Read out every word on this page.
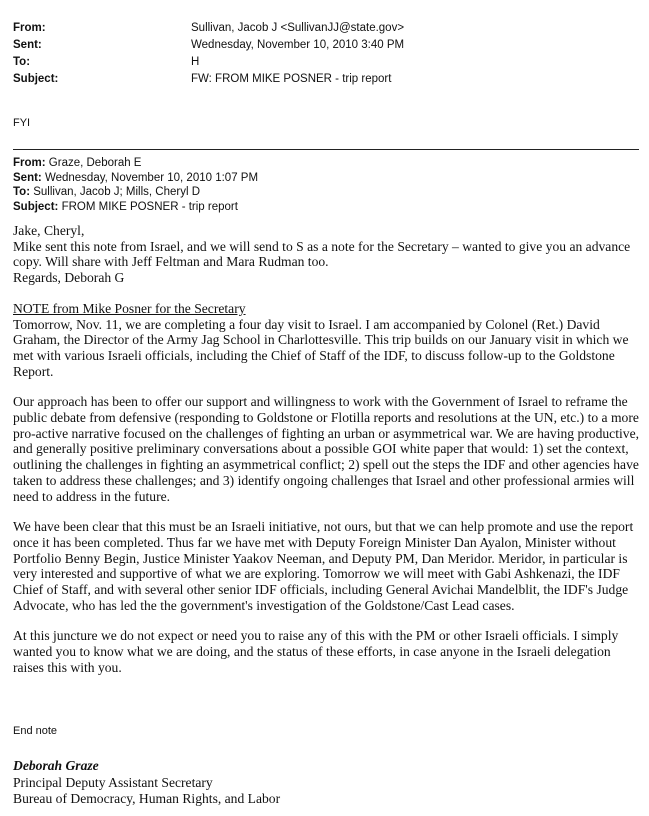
From:	Sullivan, Jacob J <SullivanJJ@state.gov>
Sent:	Wednesday, November 10, 2010 3:40 PM
To:	H
Subject:	FW: FROM MIKE POSNER - trip report
FYI
From: Graze, Deborah E
Sent: Wednesday, November 10, 2010 1:07 PM
To: Sullivan, Jacob J; Mills, Cheryl D
Subject: FROM MIKE POSNER - trip report

Jake, Cheryl,

Mike sent this note from Israel, and we will send to S as a note for the Secretary – wanted to give you an advance copy. Will share with Jeff Feltman and Mara Rudman too.

Regards, Deborah G

NOTE from Mike Posner for the Secretary

Tomorrow, Nov. 11, we are completing a four day visit to Israel. I am accompanied by Colonel (Ret.) David Graham, the Director of the Army Jag School in Charlottesville. This trip builds on our January visit in which we met with various Israeli officials, including the Chief of Staff of the IDF, to discuss follow-up to the Goldstone Report.

Our approach has been to offer our support and willingness to work with the Government of Israel to reframe the public debate from defensive (responding to Goldstone or Flotilla reports and resolutions at the UN, etc.) to a more pro-active narrative focused on the challenges of fighting an urban or asymmetrical war. We are having productive, and generally positive preliminary conversations about a possible GOI white paper that would: 1) set the context, outlining the challenges in fighting an asymmetrical conflict; 2) spell out the steps the IDF and other agencies have taken to address these challenges; and 3) identify ongoing challenges that Israel and other professional armies will need to address in the future.

We have been clear that this must be an Israeli initiative, not ours, but that we can help promote and use the report once it has been completed. Thus far we have met with Deputy Foreign Minister Dan Ayalon, Minister without Portfolio Benny Begin, Justice Minister Yaakov Neeman, and Deputy PM, Dan Meridor. Meridor, in particular is very interested and supportive of what we are exploring. Tomorrow we will meet with Gabi Ashkenazi, the IDF Chief of Staff, and with several other senior IDF officials, including General Avichai Mandelblit, the IDF's Judge Advocate, who has led the the government's investigation of the Goldstone/Cast Lead cases.

At this juncture we do not expect or need you to raise any of this with the PM or other Israeli officials. I simply wanted you to know what we are doing, and the status of these efforts, in case anyone in the Israeli delegation raises this with you.

End note
Deborah Graze
Principal Deputy Assistant Secretary
Bureau of Democracy, Human Rights, and Labor
